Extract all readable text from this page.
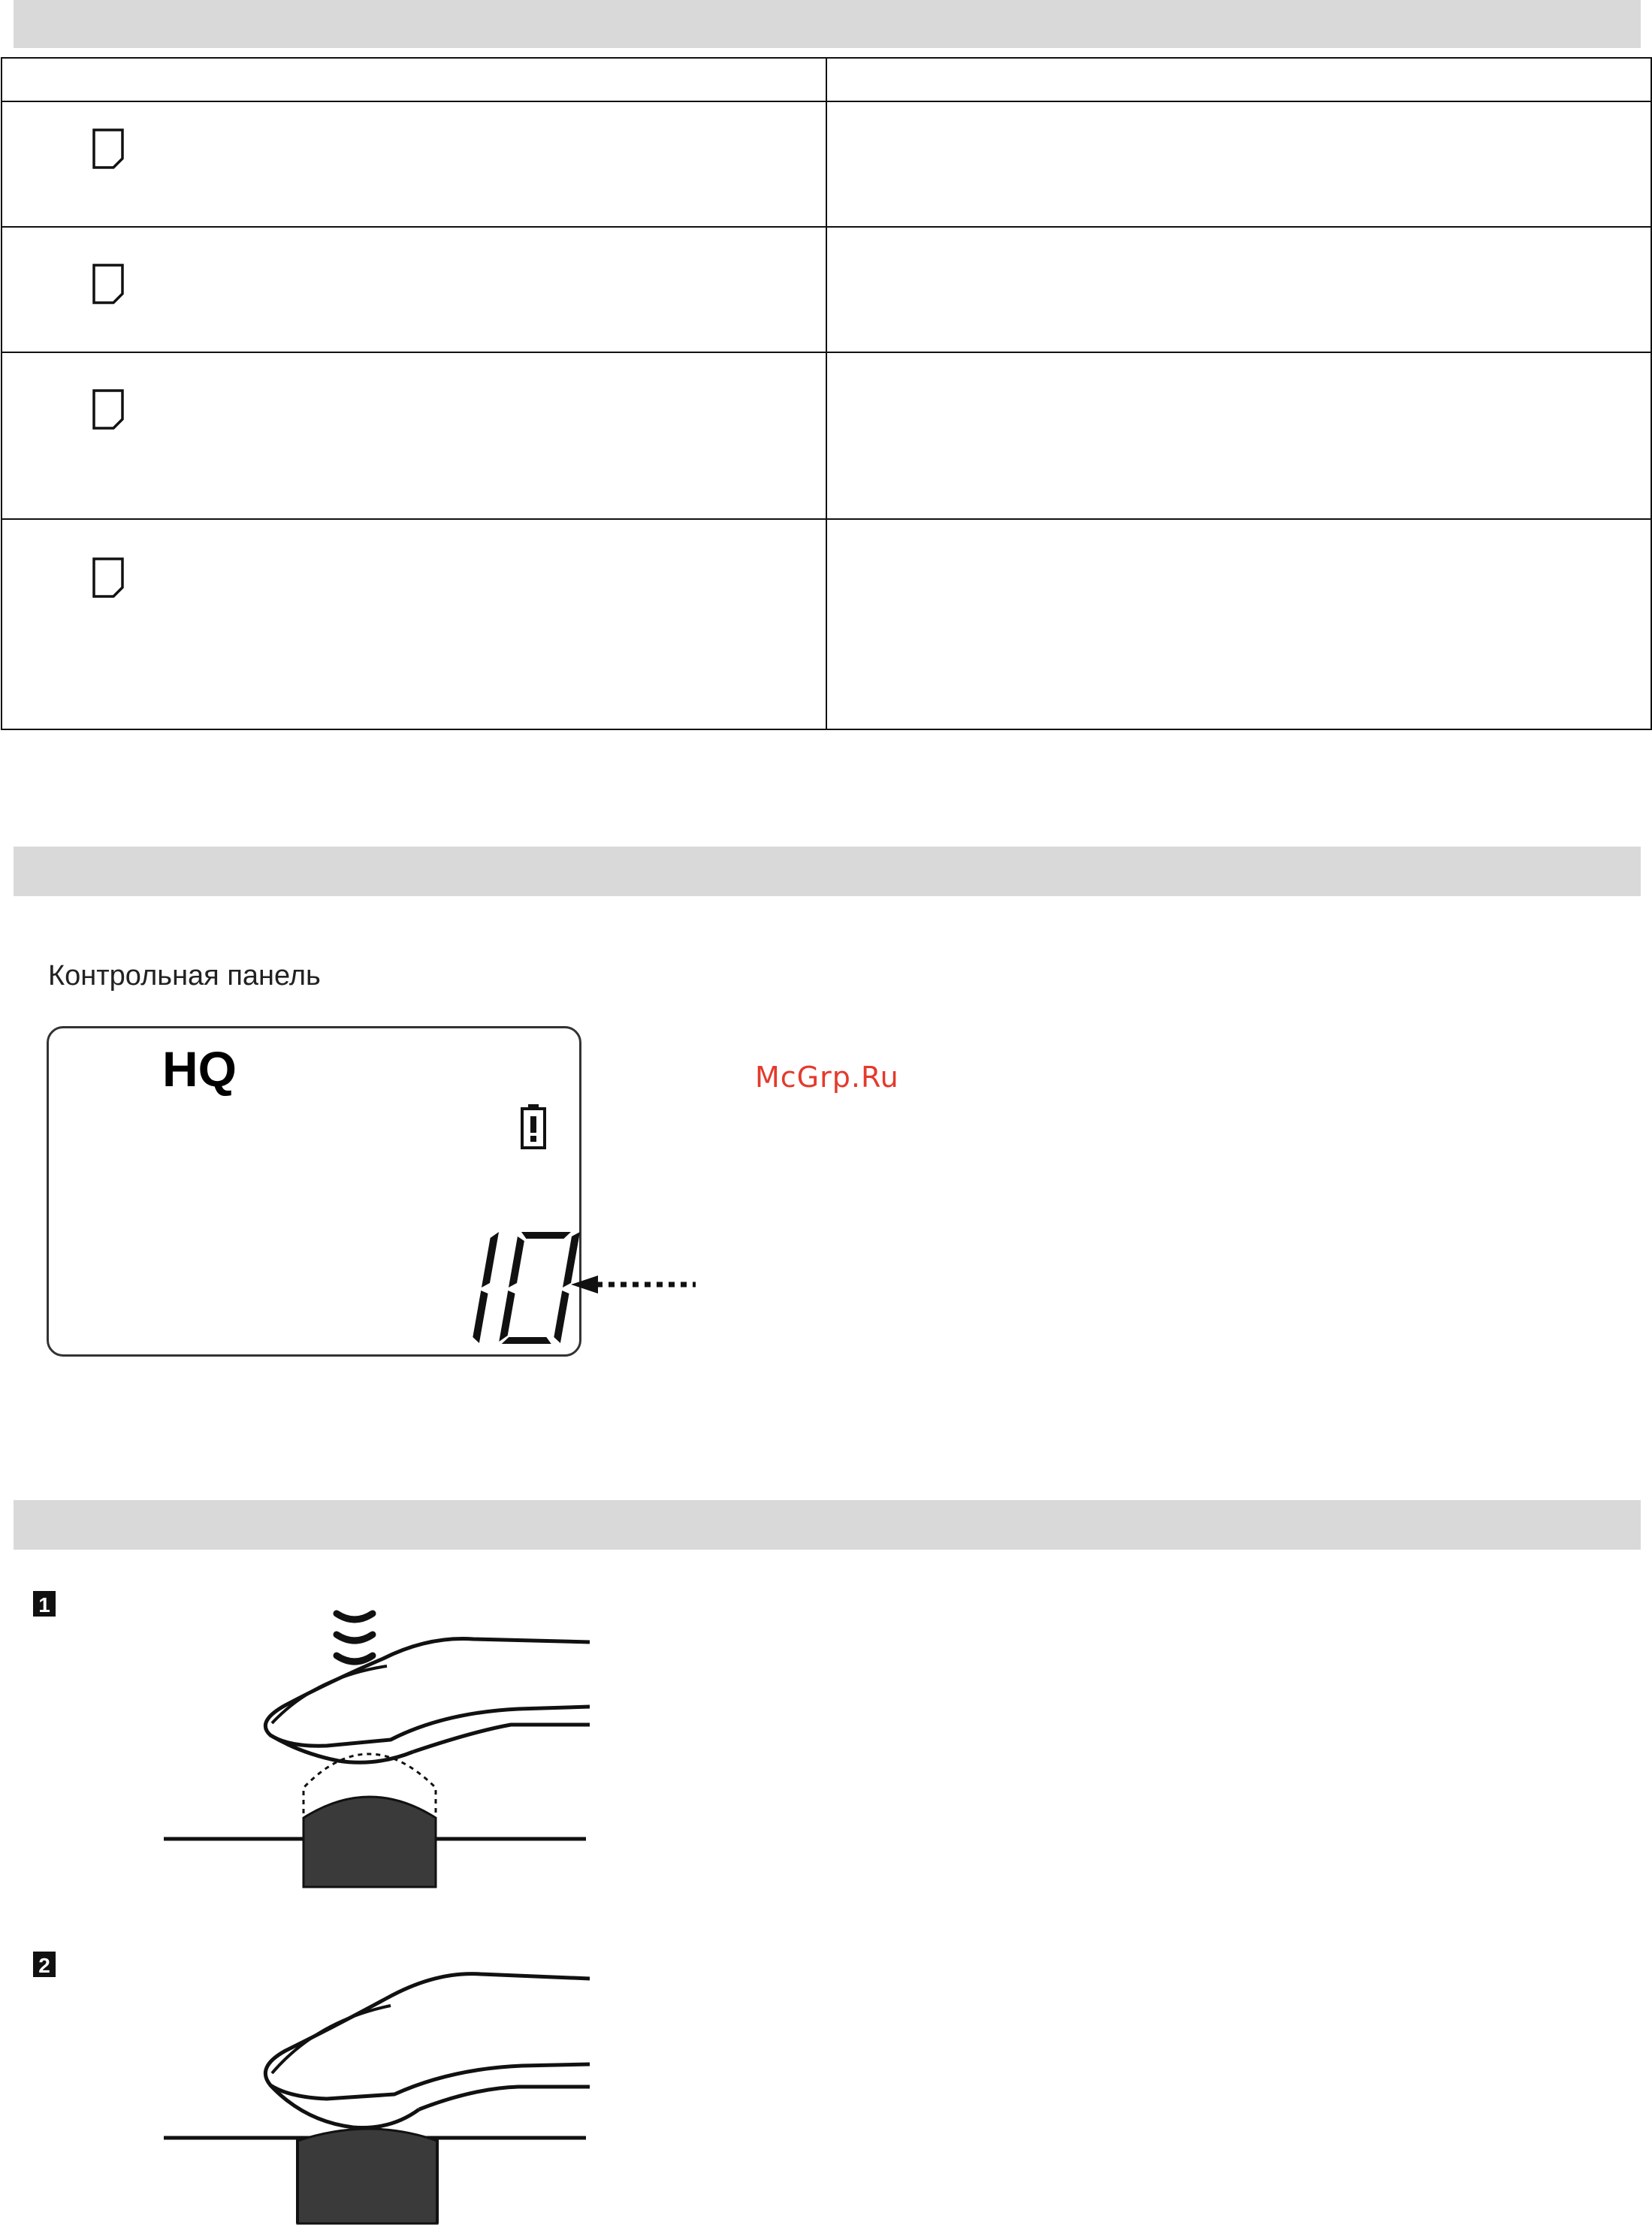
Контрольная панель
HQ	McGrp.Ru
1
2
